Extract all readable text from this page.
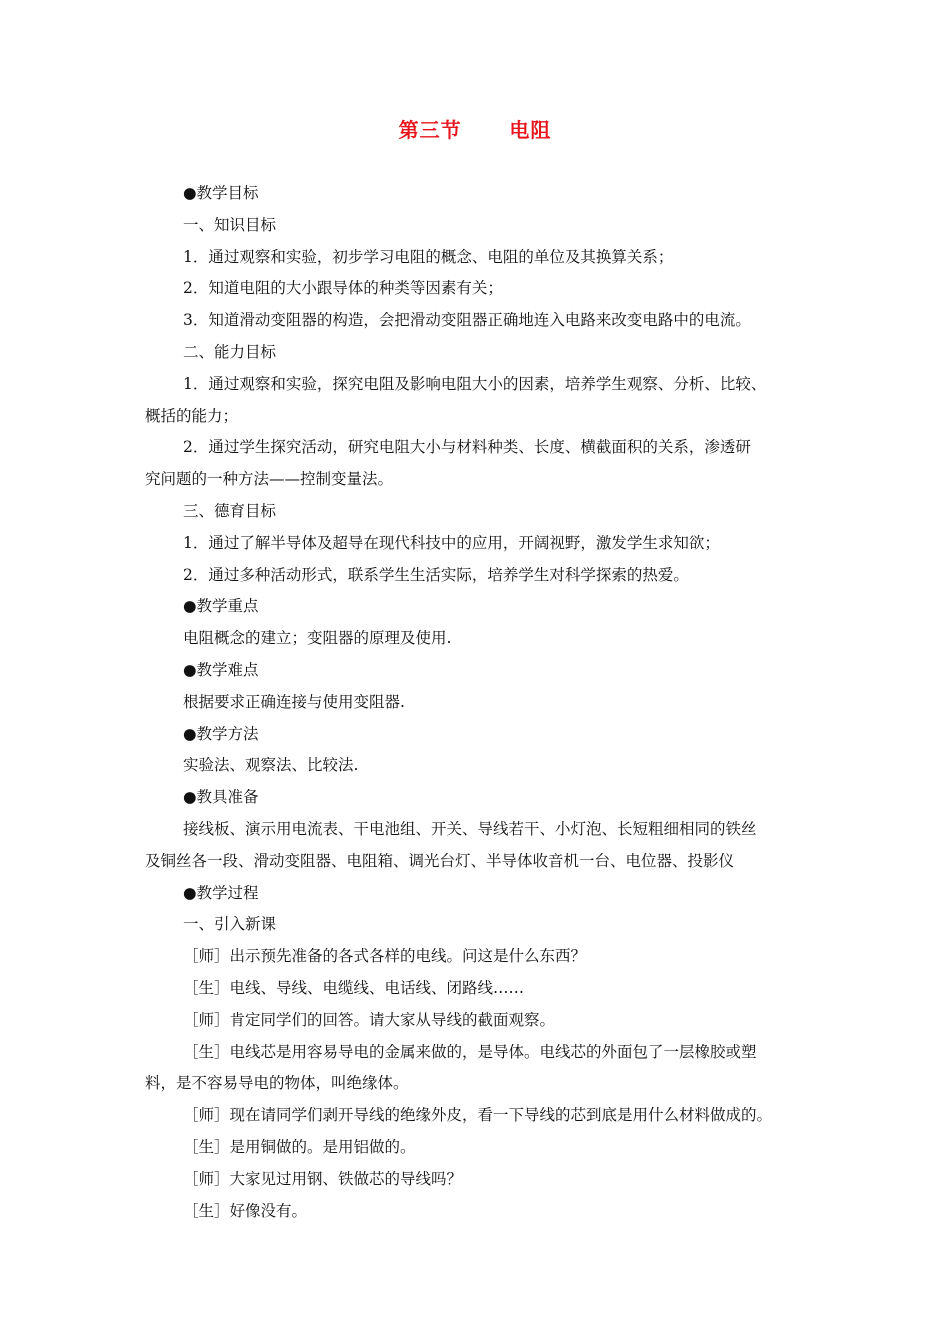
第三节      电阻
●教学目标
一、知识目标
1．通过观察和实验，初步学习电阻的概念、电阻的单位及其换算关系；
2．知道电阻的大小跟导体的种类等因素有关；
3．知道滑动变阻器的构造，会把滑动变阻器正确地连入电路来改变电路中的电流。
二、能力目标
1．通过观察和实验，探究电阻及影响电阻大小的因素，培养学生观察、分析、比较、
概括的能力；
2．通过学生探究活动，研究电阻大小与材料种类、长度、横截面积的关系，渗透研
究问题的一种方法——控制变量法。
三、德育目标
1．通过了解半导体及超导在现代科技中的应用，开阔视野，激发学生求知欲；
2．通过多种活动形式，联系学生生活实际，培养学生对科学探索的热爱。
●教学重点
电阻概念的建立；变阻器的原理及使用.
●教学难点
根据要求正确连接与使用变阻器.
●教学方法
实验法、观察法、比较法.
●教具准备
接线板、演示用电流表、干电池组、开关、导线若干、小灯泡、长短粗细相同的铁丝
及铜丝各一段、滑动变阻器、电阻箱、调光台灯、半导体收音机一台、电位器、投影仪
●教学过程
一、引入新课
［师］出示预先准备的各式各样的电线。问这是什么东西？
［生］电线、导线、电缆线、电话线、闭路线……
［师］肯定同学们的回答。请大家从导线的截面观察。
［生］电线芯是用容易导电的金属来做的，是导体。电线芯的外面包了一层橡胶或塑
料，是不容易导电的物体，叫绝缘体。
［师］现在请同学们剥开导线的绝缘外皮，看一下导线的芯到底是用什么材料做成的。
［生］是用铜做的。是用铝做的。
［师］大家见过用钢、铁做芯的导线吗？
［生］好像没有。
